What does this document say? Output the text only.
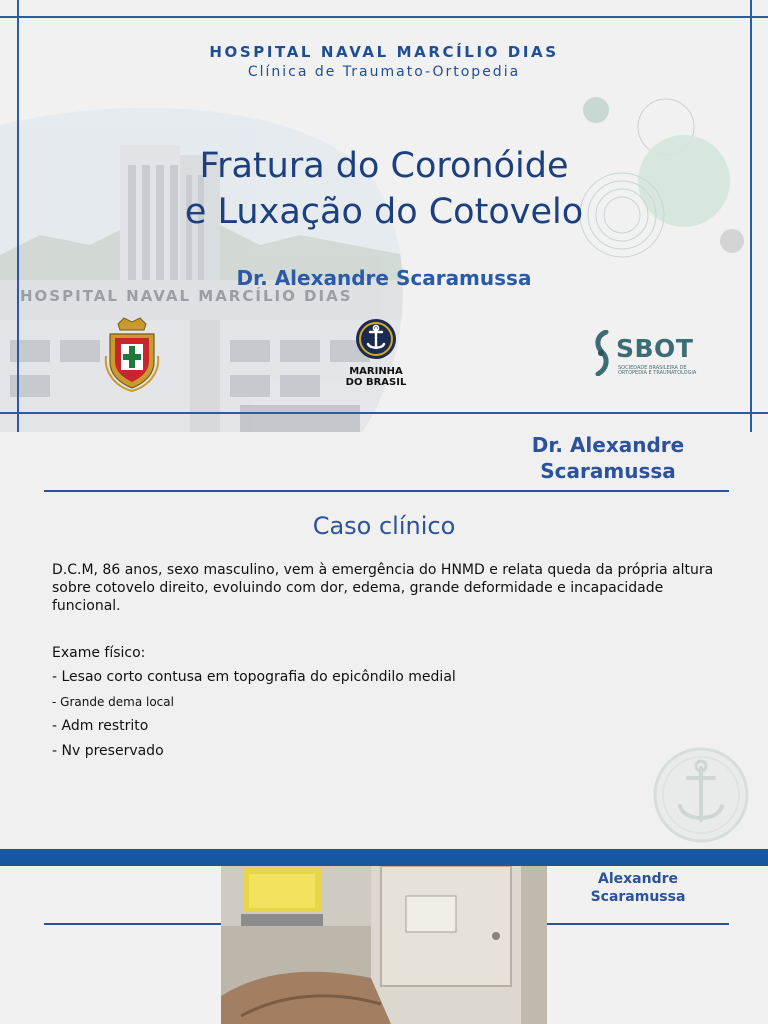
HOSPITAL NAVAL MARCÍLIO DIAS
HOSPITAL NAVAL MARCÍLIO DIAS
Clínica de Traumato-Ortopedia
Fratura do Coronóide
e Luxação do Cotovelo
Dr. Alexandre Scaramussa
MARINHA
DO BRASIL
SBOT
SOCIEDADE BRASILEIRA DE
ORTOPEDIA E TRAUMATOLOGIA
Dr. Alexandre
Scaramussa
Caso clínico
D.C.M, 86 anos, sexo masculino, vem à emergência do HNMD e relata queda da própria altura sobre cotovelo direito, evoluindo com dor, edema, grande deformidade e incapacidade funcional.
Exame físico:
- Lesao corto contusa em topografia do epicôndilo medial
- Grande dema local
- Adm restrito
- Nv preservado
Alexandre
Scaramussa
